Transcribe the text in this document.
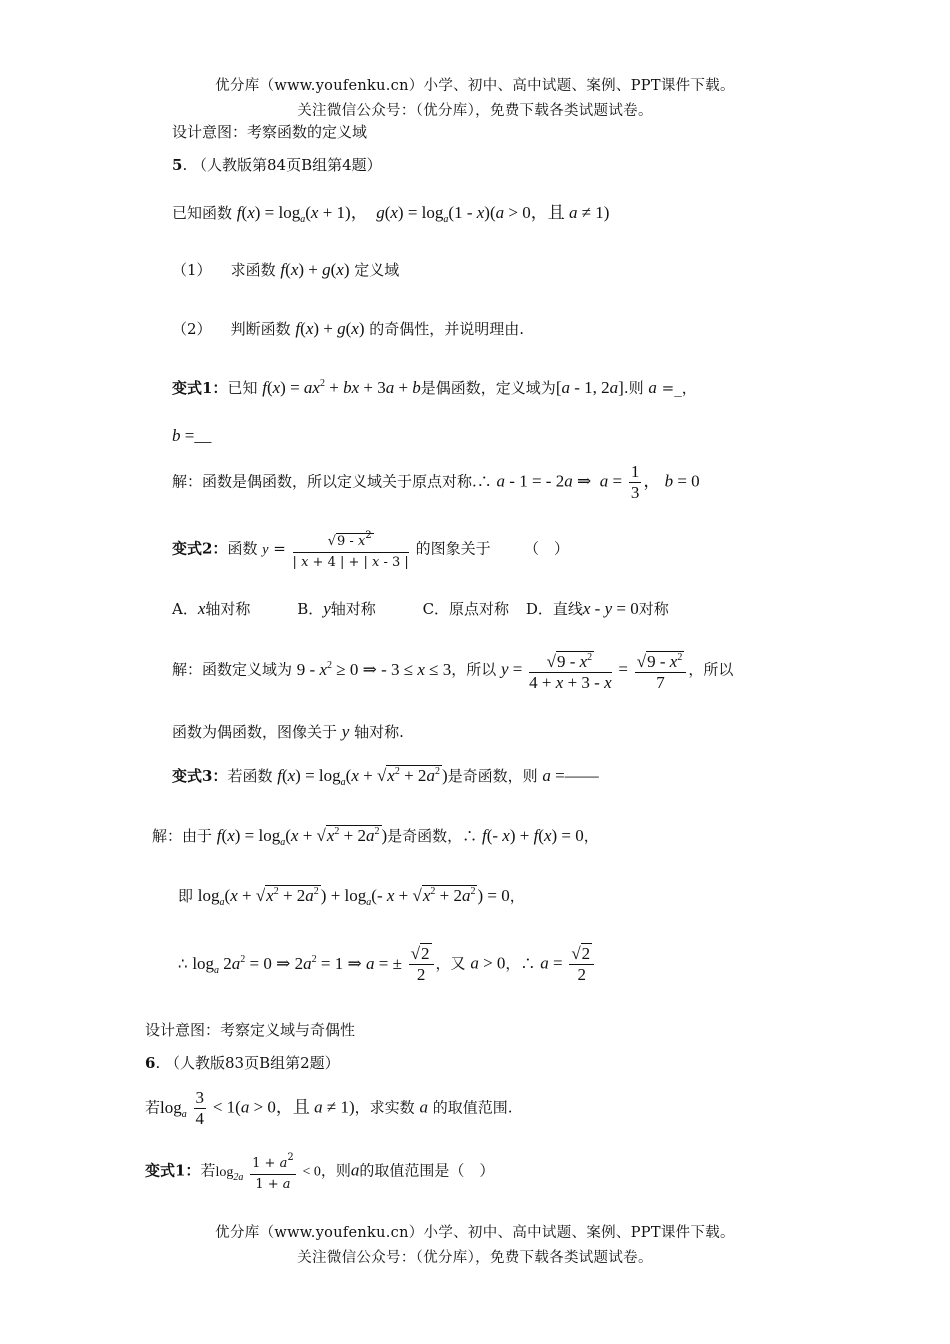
优分库（www.youfenku.cn）小学、初中、高中试题、案例、PPT课件下载。
关注微信公众号：（优分库），免费下载各类试题试卷。
设计意图：考察函数的定义域
5. （人教版第84页B组第4题）
已知函数 $f(x) = \log_a(x + 1)$，  $g(x) = \log_a(1 - x)(a > 0$，且 a ≠ 1)
（1） 求函数 f(x) + g(x) 定义域
（2） 判断函数 f(x) + g(x) 的奇偶性，并说明理由.
变式1：已知 $f(x) = ax^2$ + bx + 3a + b是偶函数，定义域为[a - 1, 2a].则 a =_，
b =__
解：函数是偶函数，所以定义域关于原点对称.∴ a - 1 = - 2a ⇒  $a = \frac{1}{3}$ ， b = 0
变式2：函数 $y = \frac{√9 - x^2}{| x + 4 | + | x - 3 |}$ 的图象关于       （　）
A．x轴对称	B．y轴对称	C．原点对称 D．直线x - y = 0对称
解：函数定义域为 $9 - x^2 \ge 0$ ⇒ - 3 ≤ x ≤ 3，所以 $y = \frac{√9 - x^2}{4 + x + 3 - x} = \frac{√9 - x^2}{7}$ ，所以
函数为偶函数，图像关于 y 轴对称.
变式3：若函数 $f(x) = \log_a(x + √x^2 + 2a^2$ )是奇函数，则 a =——
解：由于 $f(x) = \log_a(x + √x^2 + 2a^2$ )是奇函数，∴ f(- x) + f(x) = 0，
即 $\log_a(x + √x^2 + 2a^2$ ) + $\log_a(-$ $x + √x^2 + 2a^2$ ) = 0，
∴ $\log_a 2a^2 = 0$ ⇒ $2a^2 = 1$ ⇒ a = ± $\frac{√2}{2}$ ，又 a > 0，∴ $a = \frac{√2}{2}$
设计意图：考察定义域与奇偶性
6. （人教版83页B组第2题）
若$\log_a \frac{3}{4} < 1(a > 0$，且 a ≠ 1)，求实数 a 的取值范围.
变式1：若$\log_{2a} \frac{1 + a^2}{1 + a} < 0$，则a的取值范围是（　）
优分库（www.youfenku.cn）小学、初中、高中试题、案例、PPT课件下载。
关注微信公众号：（优分库），免费下载各类试题试卷。
